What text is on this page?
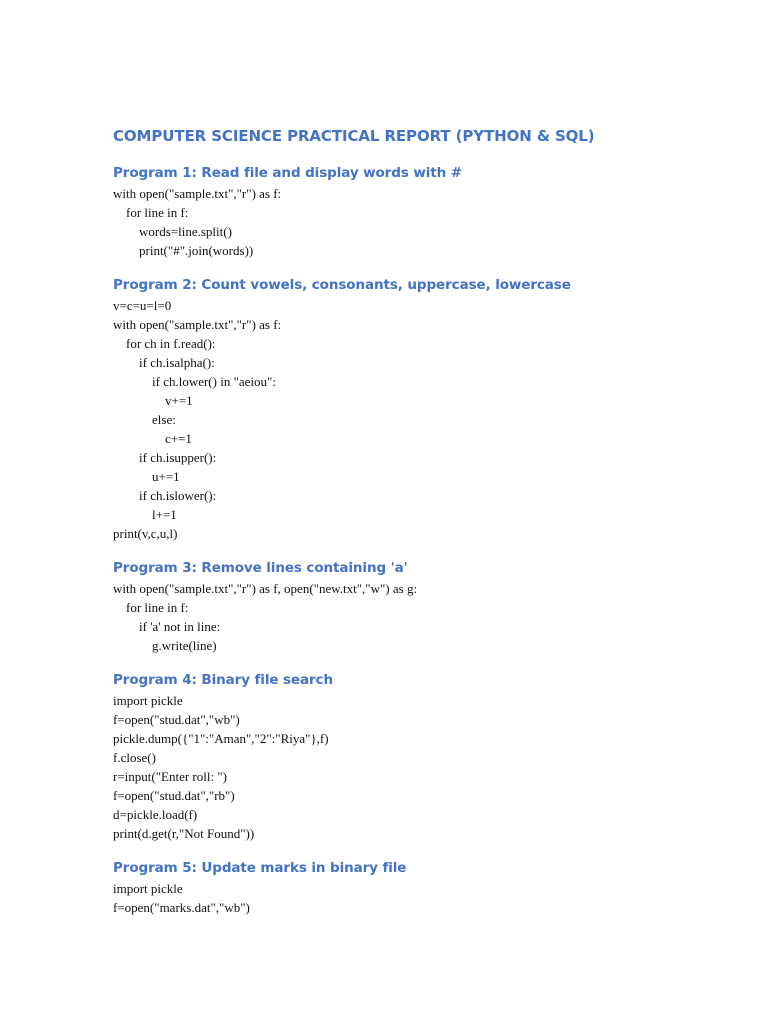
COMPUTER SCIENCE PRACTICAL REPORT (PYTHON & SQL)
Program 1: Read file and display words with #
with open("sample.txt","r") as f:
for line in f:
words=line.split()
print("#".join(words))
Program 2: Count vowels, consonants, uppercase, lowercase
v=c=u=l=0
with open("sample.txt","r") as f:
for ch in f.read():
if ch.isalpha():
if ch.lower() in "aeiou":
v+=1
else:
c+=1
if ch.isupper():
u+=1
if ch.islower():
l+=1
print(v,c,u,l)
Program 3: Remove lines containing 'a'
with open("sample.txt","r") as f, open("new.txt","w") as g:
for line in f:
if 'a' not in line:
g.write(line)
Program 4: Binary file search
import pickle
f=open("stud.dat","wb")
pickle.dump({"1":"Aman","2":"Riya"},f)
f.close()
r=input("Enter roll: ")
f=open("stud.dat","rb")
d=pickle.load(f)
print(d.get(r,"Not Found"))
Program 5: Update marks in binary file
import pickle
f=open("marks.dat","wb")
